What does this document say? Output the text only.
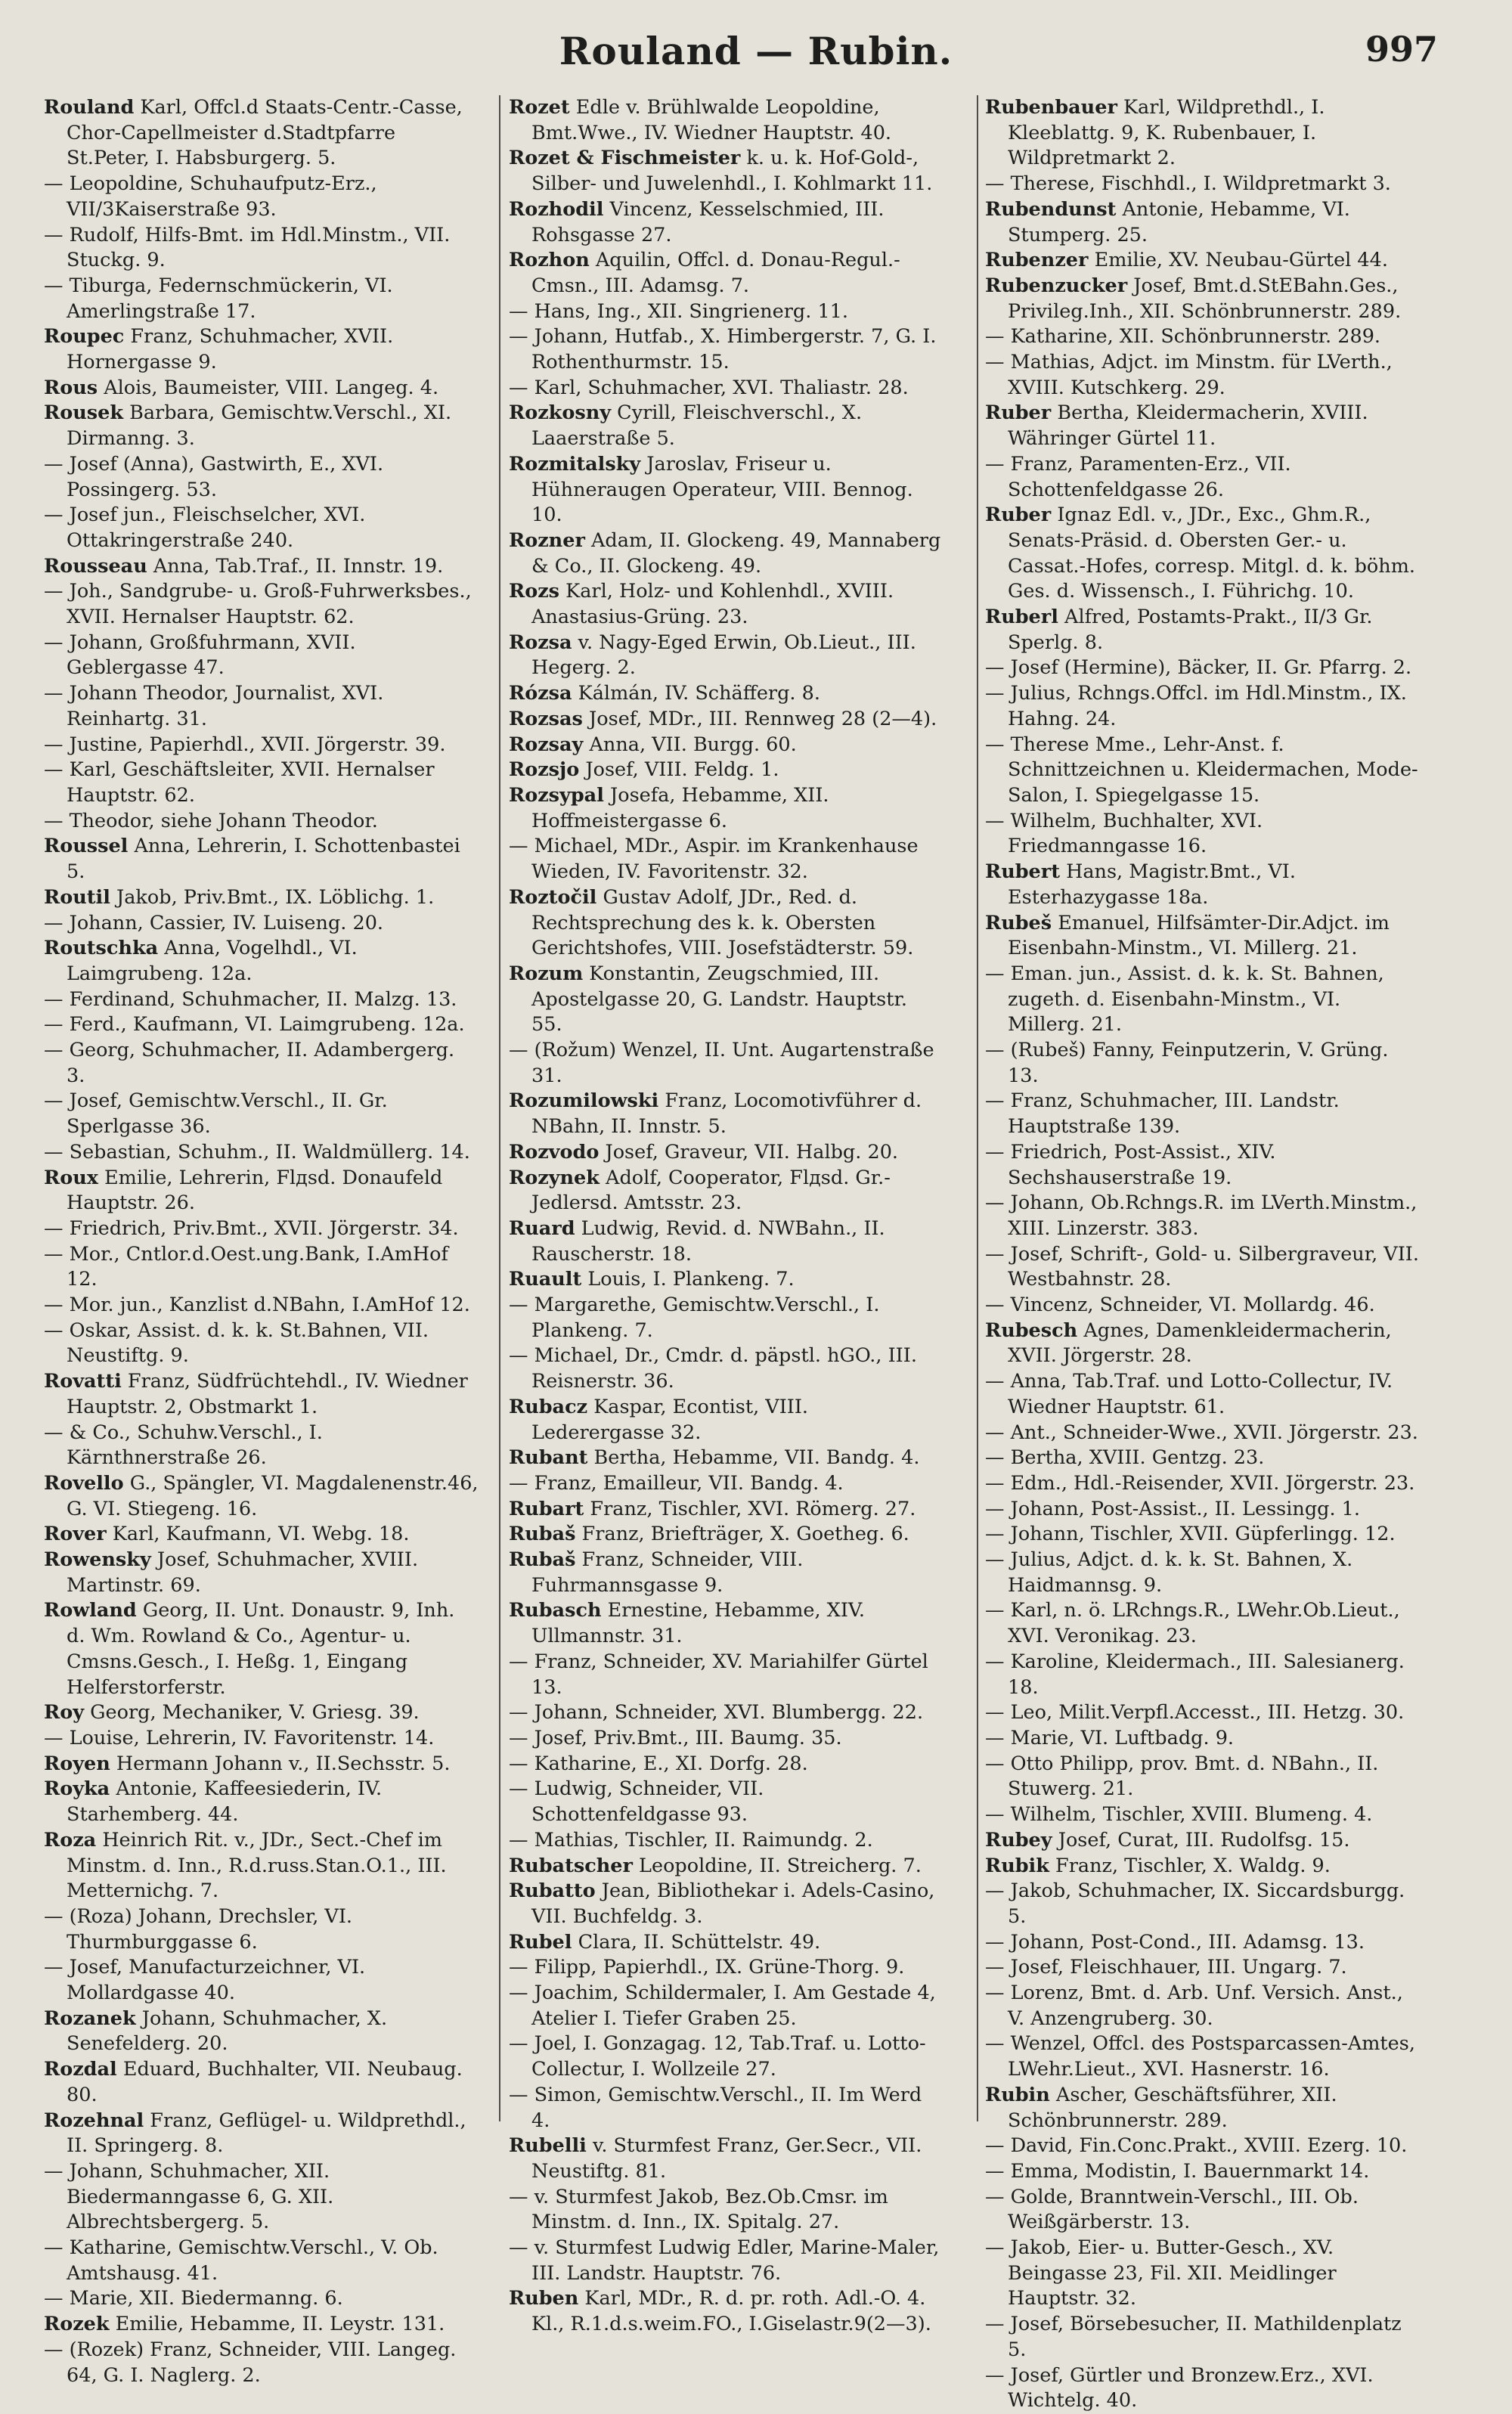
Rouland — Rubin.	997

Rouland Karl, Offcl.d Staats-Centr.-Casse, Chor-Capellmeister d.Stadtpfarre St.Peter, I. Habsburgerg. 5.

— Leopoldine, Schuhaufputz-Erz., VII/3Kaiserstraße 93.

— Rudolf, Hilfs-Bmt. im Hdl.Minstm., VII. Stuckg. 9.

— Tiburga, Federnschmückerin, VI. Amerlingstraße 17.

Roupec Franz, Schuhmacher, XVII. Hornergasse 9.

Rous Alois, Baumeister, VIII. Langeg. 4.

Rousek Barbara, Gemischtw.Verschl., XI. Dirmanng. 3.

— Josef (Anna), Gastwirth, E., XVI. Possingerg. 53.

— Josef jun., Fleischselcher, XVI. Ottakringerstraße 240.

Rousseau Anna, Tab.Traf., II. Innstr. 19.

— Joh., Sandgrube- u. Groß-Fuhrwerksbes., XVII. Hernalser Hauptstr. 62.

— Johann, Großfuhrmann, XVII. Geblergasse 47.

— Johann Theodor, Journalist, XVI. Reinhartg. 31.

— Justine, Papierhdl., XVII. Jörgerstr. 39.

— Karl, Geschäftsleiter, XVII. Hernalser Hauptstr. 62.

— Theodor, siehe Johann Theodor.

Roussel Anna, Lehrerin, I. Schottenbastei 5.

Routil Jakob, Priv.Bmt., IX. Löblichg. 1.

— Johann, Cassier, IV. Luiseng. 20.

Routschka Anna, Vogelhdl., VI. Laimgrubeng. 12a.

— Ferdinand, Schuhmacher, II. Malzg. 13.

— Ferd., Kaufmann, VI. Laimgrubeng. 12a.

— Georg, Schuhmacher, II. Adambergerg. 3.

— Josef, Gemischtw.Verschl., II. Gr. Sperlgasse 36.

— Sebastian, Schuhm., II. Waldmüllerg. 14.

Roux Emilie, Lehrerin, Flдsd. Donaufeld Hauptstr. 26.

— Friedrich, Priv.Bmt., XVII. Jörgerstr. 34.

— Mor., Cntlor.d.Oest.ung.Bank, I.AmHof 12.

— Mor. jun., Kanzlist d.NBahn, I.AmHof 12.

— Oskar, Assist. d. k. k. St.Bahnen, VII. Neustiftg. 9.

Rovatti Franz, Südfrüchtehdl., IV. Wiedner Hauptstr. 2, Obstmarkt 1.

— & Co., Schuhw.Verschl., I. Kärnthnerstraße 26.

Rovello G., Spängler, VI. Magdalenenstr.46, G. VI. Stiegeng. 16.

Rover Karl, Kaufmann, VI. Webg. 18.

Rowensky Josef, Schuhmacher, XVIII. Martinstr. 69.

Rowland Georg, II. Unt. Donaustr. 9, Inh. d. Wm. Rowland & Co., Agentur- u. Cmsns.Gesch., I. Heßg. 1, Eingang Helferstorferstr.

Roy Georg, Mechaniker, V. Griesg. 39.

— Louise, Lehrerin, IV. Favoritenstr. 14.

Royen Hermann Johann v., II.Sechsstr. 5.

Royka Antonie, Kaffeesiederin, IV. Starhemberg. 44.

Roza Heinrich Rit. v., JDr., Sect.-Chef im Minstm. d. Inn., R.d.russ.Stan.O.1., III. Metternichg. 7.

— (Roza) Johann, Drechsler, VI. Thurmburggasse 6.

— Josef, Manufacturzeichner, VI. Mollardgasse 40.

Rozanek Johann, Schuhmacher, X. Senefelderg. 20.

Rozdal Eduard, Buchhalter, VII. Neubaug. 80.

Rozehnal Franz, Geflügel- u. Wildprethdl., II. Springerg. 8.

— Johann, Schuhmacher, XII. Biedermanngasse 6, G. XII. Albrechtsbergerg. 5.

— Katharine, Gemischtw.Verschl., V. Ob. Amtshausg. 41.

— Marie, XII. Biedermanng. 6.

Rozek Emilie, Hebamme, II. Leystr. 131.

— (Rozek) Franz, Schneider, VIII. Langeg. 64, G. I. Naglerg. 2.

Rozet Edle v. Brühlwalde Leopoldine, Bmt.Wwe., IV. Wiedner Hauptstr. 40.

Rozet & Fischmeister k. u. k. Hof-Gold-, Silber- und Juwelenhdl., I. Kohlmarkt 11.

Rozhodil Vincenz, Kesselschmied, III. Rohsgasse 27.

Rozhon Aquilin, Offcl. d. Donau-Regul.-Cmsn., III. Adamsg. 7.

— Hans, Ing., XII. Singrienerg. 11.

— Johann, Hutfab., X. Himbergerstr. 7, G. I. Rothenthurmstr. 15.

— Karl, Schuhmacher, XVI. Thaliastr. 28.

Rozkosny Cyrill, Fleischverschl., X. Laaerstraße 5.

Rozmitalsky Jaroslav, Friseur u. Hühneraugen Operateur, VIII. Bennog. 10.

Rozner Adam, II. Glockeng. 49, Mannaberg & Co., II. Glockeng. 49.

Rozs Karl, Holz- und Kohlenhdl., XVIII. Anastasius-Grüng. 23.

Rozsa v. Nagy-Eged Erwin, Ob.Lieut., III. Hegerg. 2.

Rózsa Kálmán, IV. Schäfferg. 8.

Rozsas Josef, MDr., III. Rennweg 28 (2—4).

Rozsay Anna, VII. Burgg. 60.

Rozsjo Josef, VIII. Feldg. 1.

Rozsypal Josefa, Hebamme, XII. Hoffmeistergasse 6.

— Michael, MDr., Aspir. im Krankenhause Wieden, IV. Favoritenstr. 32.

Roztočil Gustav Adolf, JDr., Red. d. Rechtsprechung des k. k. Obersten Gerichtshofes, VIII. Josefstädterstr. 59.

Rozum Konstantin, Zeugschmied, III. Apostelgasse 20, G. Landstr. Hauptstr. 55.

— (Rožum) Wenzel, II. Unt. Augartenstraße 31.

Rozumilowski Franz, Locomotivführer d. NBahn, II. Innstr. 5.

Rozvodo Josef, Graveur, VII. Halbg. 20.

Rozynek Adolf, Cooperator, Flдsd. Gr.-Jedlersd. Amtsstr. 23.

Ruard Ludwig, Revid. d. NWBahn., II. Rauscherstr. 18.

Ruault Louis, I. Plankeng. 7.

— Margarethe, Gemischtw.Verschl., I. Plankeng. 7.

— Michael, Dr., Cmdr. d. päpstl. hGO., III. Reisnerstr. 36.

Rubacz Kaspar, Econtist, VIII. Lederergasse 32.

Rubant Bertha, Hebamme, VII. Bandg. 4.

— Franz, Emailleur, VII. Bandg. 4.

Rubart Franz, Tischler, XVI. Römerg. 27.

Rubaš Franz, Briefträger, X. Goetheg. 6.

Rubaš Franz, Schneider, VIII. Fuhrmannsgasse 9.

Rubasch Ernestine, Hebamme, XIV. Ullmannstr. 31.

— Franz, Schneider, XV. Mariahilfer Gürtel 13.

— Johann, Schneider, XVI. Blumbergg. 22.

— Josef, Priv.Bmt., III. Baumg. 35.

— Katharine, E., XI. Dorfg. 28.

— Ludwig, Schneider, VII. Schottenfeldgasse 93.

— Mathias, Tischler, II. Raimundg. 2.

Rubatscher Leopoldine, II. Streicherg. 7.

Rubatto Jean, Bibliothekar i. Adels-Casino, VII. Buchfeldg. 3.

Rubel Clara, II. Schüttelstr. 49.

— Filipp, Papierhdl., IX. Grüne-Thorg. 9.

— Joachim, Schildermaler, I. Am Gestade 4, Atelier I. Tiefer Graben 25.

— Joel, I. Gonzagag. 12, Tab.Traf. u. Lotto-Collectur, I. Wollzeile 27.

— Simon, Gemischtw.Verschl., II. Im Werd 4.

Rubelli v. Sturmfest Franz, Ger.Secr., VII. Neustiftg. 81.

— v. Sturmfest Jakob, Bez.Ob.Cmsr. im Minstm. d. Inn., IX. Spitalg. 27.

— v. Sturmfest Ludwig Edler, Marine-Maler, III. Landstr. Hauptstr. 76.

Ruben Karl, MDr., R. d. pr. roth. Adl.-O. 4. Kl., R.1.d.s.weim.FO., I.Giselastr.9(2—3).

Rubenbauer Karl, Wildprethdl., I. Kleeblattg. 9, K. Rubenbauer, I. Wildpretmarkt 2.

— Therese, Fischhdl., I. Wildpretmarkt 3.

Rubendunst Antonie, Hebamme, VI. Stumperg. 25.

Rubenzer Emilie, XV. Neubau-Gürtel 44.

Rubenzucker Josef, Bmt.d.StEBahn.Ges., Privileg.Inh., XII. Schönbrunnerstr. 289.

— Katharine, XII. Schönbrunnerstr. 289.

— Mathias, Adjct. im Minstm. für LVerth., XVIII. Kutschkerg. 29.

Ruber Bertha, Kleidermacherin, XVIII. Währinger Gürtel 11.

— Franz, Paramenten-Erz., VII. Schottenfeldgasse 26.

Ruber Ignaz Edl. v., JDr., Exc., Ghm.R., Senats-Präsid. d. Obersten Ger.- u. Cassat.-Hofes, corresp. Mitgl. d. k. böhm. Ges. d. Wissensch., I. Führichg. 10.

Ruberl Alfred, Postamts-Prakt., II/3 Gr. Sperlg. 8.

— Josef (Hermine), Bäcker, II. Gr. Pfarrg. 2.

— Julius, Rchngs.Offcl. im Hdl.Minstm., IX. Hahng. 24.

— Therese Mme., Lehr-Anst. f. Schnittzeichnen u. Kleidermachen, Mode-Salon, I. Spiegelgasse 15.

— Wilhelm, Buchhalter, XVI. Friedmanngasse 16.

Rubert Hans, Magistr.Bmt., VI. Esterhazygasse 18a.

Rubeš Emanuel, Hilfsämter-Dir.Adjct. im Eisenbahn-Minstm., VI. Millerg. 21.

— Eman. jun., Assist. d. k. k. St. Bahnen, zugeth. d. Eisenbahn-Minstm., VI. Millerg. 21.

— (Rubeš) Fanny, Feinputzerin, V. Grüng. 13.

— Franz, Schuhmacher, III. Landstr. Hauptstraße 139.

— Friedrich, Post-Assist., XIV. Sechshauserstraße 19.

— Johann, Ob.Rchngs.R. im LVerth.Minstm., XIII. Linzerstr. 383.

— Josef, Schrift-, Gold- u. Silbergraveur, VII. Westbahnstr. 28.

— Vincenz, Schneider, VI. Mollardg. 46.

Rubesch Agnes, Damenkleidermacherin, XVII. Jörgerstr. 28.

— Anna, Tab.Traf. und Lotto-Collectur, IV. Wiedner Hauptstr. 61.

— Ant., Schneider-Wwe., XVII. Jörgerstr. 23.

— Bertha, XVIII. Gentzg. 23.

— Edm., Hdl.-Reisender, XVII. Jörgerstr. 23.

— Johann, Post-Assist., II. Lessingg. 1.

— Johann, Tischler, XVII. Güpferlingg. 12.

— Julius, Adjct. d. k. k. St. Bahnen, X. Haidmannsg. 9.

— Karl, n. ö. LRchngs.R., LWehr.Ob.Lieut., XVI. Veronikag. 23.

— Karoline, Kleidermach., III. Salesianerg. 18.

— Leo, Milit.Verpfl.Accesst., III. Hetzg. 30.

— Marie, VI. Luftbadg. 9.

— Otto Philipp, prov. Bmt. d. NBahn., II. Stuwerg. 21.

— Wilhelm, Tischler, XVIII. Blumeng. 4.

Rubey Josef, Curat, III. Rudolfsg. 15.

Rubik Franz, Tischler, X. Waldg. 9.

— Jakob, Schuhmacher, IX. Siccardsburgg. 5.

— Johann, Post-Cond., III. Adamsg. 13.

— Josef, Fleischhauer, III. Ungarg. 7.

— Lorenz, Bmt. d. Arb. Unf. Versich. Anst., V. Anzengruberg. 30.

— Wenzel, Offcl. des Postsparcassen-Amtes, LWehr.Lieut., XVI. Hasnerstr. 16.

Rubin Ascher, Geschäftsführer, XII. Schönbrunnerstr. 289.

— David, Fin.Conc.Prakt., XVIII. Ezerg. 10.

— Emma, Modistin, I. Bauernmarkt 14.

— Golde, Branntwein-Verschl., III. Ob. Weißgärberstr. 13.

— Jakob, Eier- u. Butter-Gesch., XV. Beingasse 23, Fil. XII. Meidlinger Hauptstr. 32.

— Josef, Börsebesucher, II. Mathildenplatz 5.

— Josef, Gürtler und Bronzew.Erz., XVI. Wichtelg. 40.
